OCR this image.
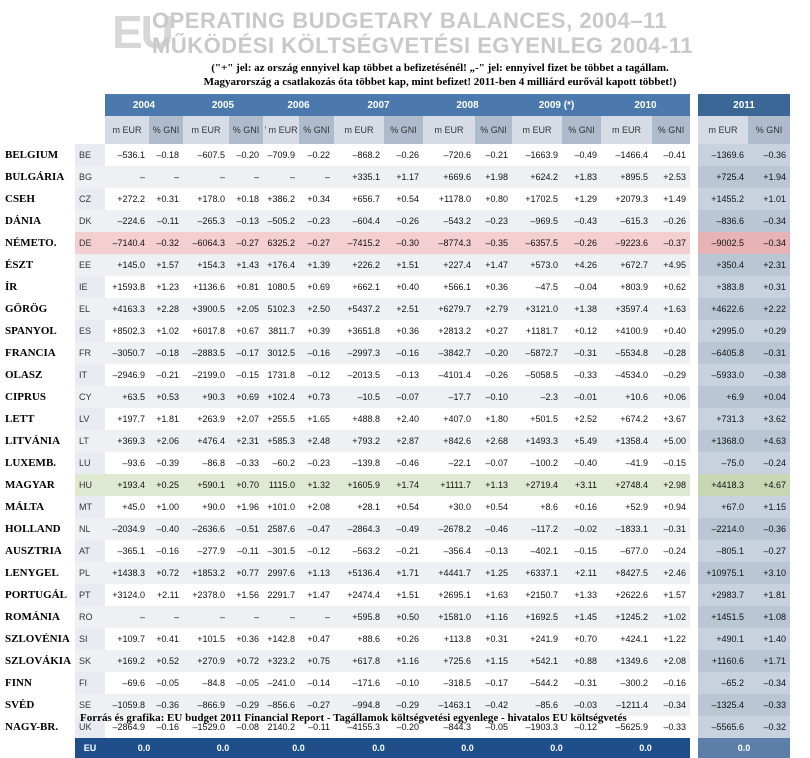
EU
OPERATING BUDGETARY BALANCES, 2004–11
MŰKÖDÉSI KÖLTSÉGVETÉSI EGYENLEG 2004-11
("+" jel: az ország ennyivel kap többet a befizetésénél! „-" jel: ennyivel fizet be többet a tagállam.
Magyarország a csatlakozás óta többet kap, mint befizet! 2011-ben 4 milliárd eurővál kapott többet!)
		2004		2005		2006		2007		2008		2009 (*)		2010			2011	
		m EUR	% GNI	m EUR	% GNI	’ m EUR	% GNI	m EUR	% GNI	m EUR	% GNI	m EUR	% GNI	m EUR	% GNI		m EUR	% GNI
BELGIUM	BE	–536.1	–0.18	–607.5	–0.20	–709.9	–0.22	–868.2	–0.26	–720.6	–0.21	–1663.9	–0.49	–1466.4	–0.41		–1369.6	–0.36
BULGÁRIA	BG	–	–	–	–	–	–	+335.1	+1.17	+669.6	+1.98	+624.2	+1.83	+895.5	+2.53		+725.4	+1.94
CSEH	CZ	+272.2	+0.31	+178.0	+0.18	+386.2	+0.34	+656.7	+0.54	+1178.0	+0.80	+1702.5	+1.29	+2079.3	+1.49		+1455.2	+1.01
DÁNIA	DK	–224.6	–0.11	–265.3	–0.13	–505.2	–0.23	–604.4	–0.26	–543.2	–0.23	–969.5	–0.43	–615.3	–0.26		–836.6	–0.34
NÉMETO.	DE	–7140.4	–0.32	–6064.3	–0.27	6325.2	–0.27	–7415.2	–0.30	–8774.3	–0.35	–6357.5	–0.26	–9223.6	–0.37		–9002.5	–0.34
ÉSZT	EE	+145.0	+1.57	+154.3	+1.43	+176.4	+1.39	+226.2	+1.51	+227.4	+1.47	+573.0	+4.26	+672.7	+4.95		+350.4	+2.31
ÍR	IE	+1593.8	+1.23	+1136.6	+0.81	1080.5	+0.69	+662.1	+0.40	+566.1	+0.36	–47.5	–0.04	+803.9	+0.62		+383.8	+0.31
GÖRÖG	EL	+4163.3	+2.28	+3900.5	+2.05	5102.3	+2.50	+5437.2	+2.51	+6279.7	+2.79	+3121.0	+1.38	+3597.4	+1.63		+4622.6	+2.22
SPANYOL	ES	+8502.3	+1.02	+6017.8	+0.67	3811.7	+0.39	+3651.8	+0.36	+2813.2	+0.27	+1181.7	+0.12	+4100.9	+0.40		+2995.0	+0.29
FRANCIA	FR	–3050.7	–0.18	–2883.5	–0.17	3012.5	–0.16	–2997.3	–0.16	–3842.7	–0.20	–5872.7	–0.31	–5534.8	–0.28		–6405.8	–0.31
OLASZ	IT	–2946.9	–0.21	–2199.0	–0.15	1731.8	–0.12	–2013.5	–0.13	–4101.4	–0.26	–5058.5	–0.33	–4534.0	–0.29		–5933.0	–0.38
CIPRUS	CY	+63.5	+0.53	+90.3	+0.69	+102.4	+0.73	–10.5	–0.07	–17.7	–0.10	–2.3	–0.01	+10.6	+0.06		+6.9	+0.04
LETT	LV	+197.7	+1.81	+263.9	+2.07	+255.5	+1.65	+488.8	+2.40	+407.0	+1.80	+501.5	+2.52	+674.2	+3.67		+731.3	+3.62
LITVÁNIA	LT	+369.3	+2.06	+476.4	+2.31	+585.3	+2.48	+793.2	+2.87	+842.6	+2.68	+1493.3	+5.49	+1358.4	+5.00		+1368.0	+4.63
LUXEMB.	LU	–93.6	–0.39	–86.8	–0.33	–60.2	–0.23	–139.8	–0.46	–22.1	–0.07	–100.2	–0.40	–41.9	–0.15		–75.0	–0.24
MAGYAR	HU	+193.4	+0.25	+590.1	+0.70	1115.0	+1.32	+1605.9	+1.74	+1111.7	+1.13	+2719.4	+3.11	+2748.4	+2.98		+4418.3	+4.67
MÁLTA	MT	+45.0	+1.00	+90.0	+1.96	+101.0	+2.08	+28.1	+0.54	+30.0	+0.54	+8.6	+0.16	+52.9	+0.94		+67.0	+1.15
HOLLAND	NL	–2034.9	–0.40	–2636.6	–0.51	2587.6	–0.47	–2864.3	–0.49	–2678.2	–0.46	–117.2	–0.02	–1833.1	–0.31		–2214.0	–0.36
AUSZTRIA	AT	–365.1	–0.16	–277.9	–0.11	–301.5	–0.12	–563.2	–0.21	–356.4	–0.13	–402.1	–0.15	–677.0	–0.24		–805.1	–0.27
LENYGEL	PL	+1438.3	+0.72	+1853.2	+0.77	2997.6	+1.13	+5136.4	+1.71	+4441.7	+1.25	+6337.1	+2.11	+8427.5	+2.46		+10975.1	+3.10
PORTUGÁL	PT	+3124.0	+2.11	+2378.0	+1.56	2291.7	+1.47	+2474.4	+1.51	+2695.1	+1.63	+2150.7	+1.33	+2622.6	+1.57		+2983.7	+1.81
ROMÁNIA	RO	–	–	–	–	–	–	+595.8	+0.50	+1581.0	+1.16	+1692.5	+1.45	+1245.2	+1.02		+1451.5	+1.08
SZLOVÉNIA	SI	+109.7	+0.41	+101.5	+0.36	+142.8	+0.47	+88.6	+0.26	+113.8	+0.31	+241.9	+0.70	+424.1	+1.22		+490.1	+1.40
SZLOVÁKIA	SK	+169.2	+0.52	+270.9	+0.72	+323.2	+0.75	+617.8	+1.16	+725.6	+1.15	+542.1	+0.88	+1349.6	+2.08		+1160.6	+1.71
FINN	FI	–69.6	–0.05	–84.8	–0.05	–241.0	–0.14	–171.6	–0.10	–318.5	–0.17	–544.2	–0.31	–300.2	–0.16		–65.2	–0.34
SVÉD	SE	–1059.8	–0.36	–866.9	–0.29	–856.6	–0.27	–994.8	–0.29	–1463.1	–0.42	–85.6	–0.03	–1211.4	–0.34		–1325.4	–0.33
NAGY-BR.	UK	–2864.9	–0.16	–1529.0	–0.08	2140.2	–0.11	–4155.3	–0.20	–844.3	–0.05	–1903.3	–0.12	–5625.9	–0.33		–5565.6	–0.32
	EU	0.0		0.0		0.0		0.0		0.0		0.0		0.0			0.0	
Forrás és grafika: EU budget 2011 Financial Report - Tagállamok költségvetési egyenlege - hivatalos EU költségvetés
